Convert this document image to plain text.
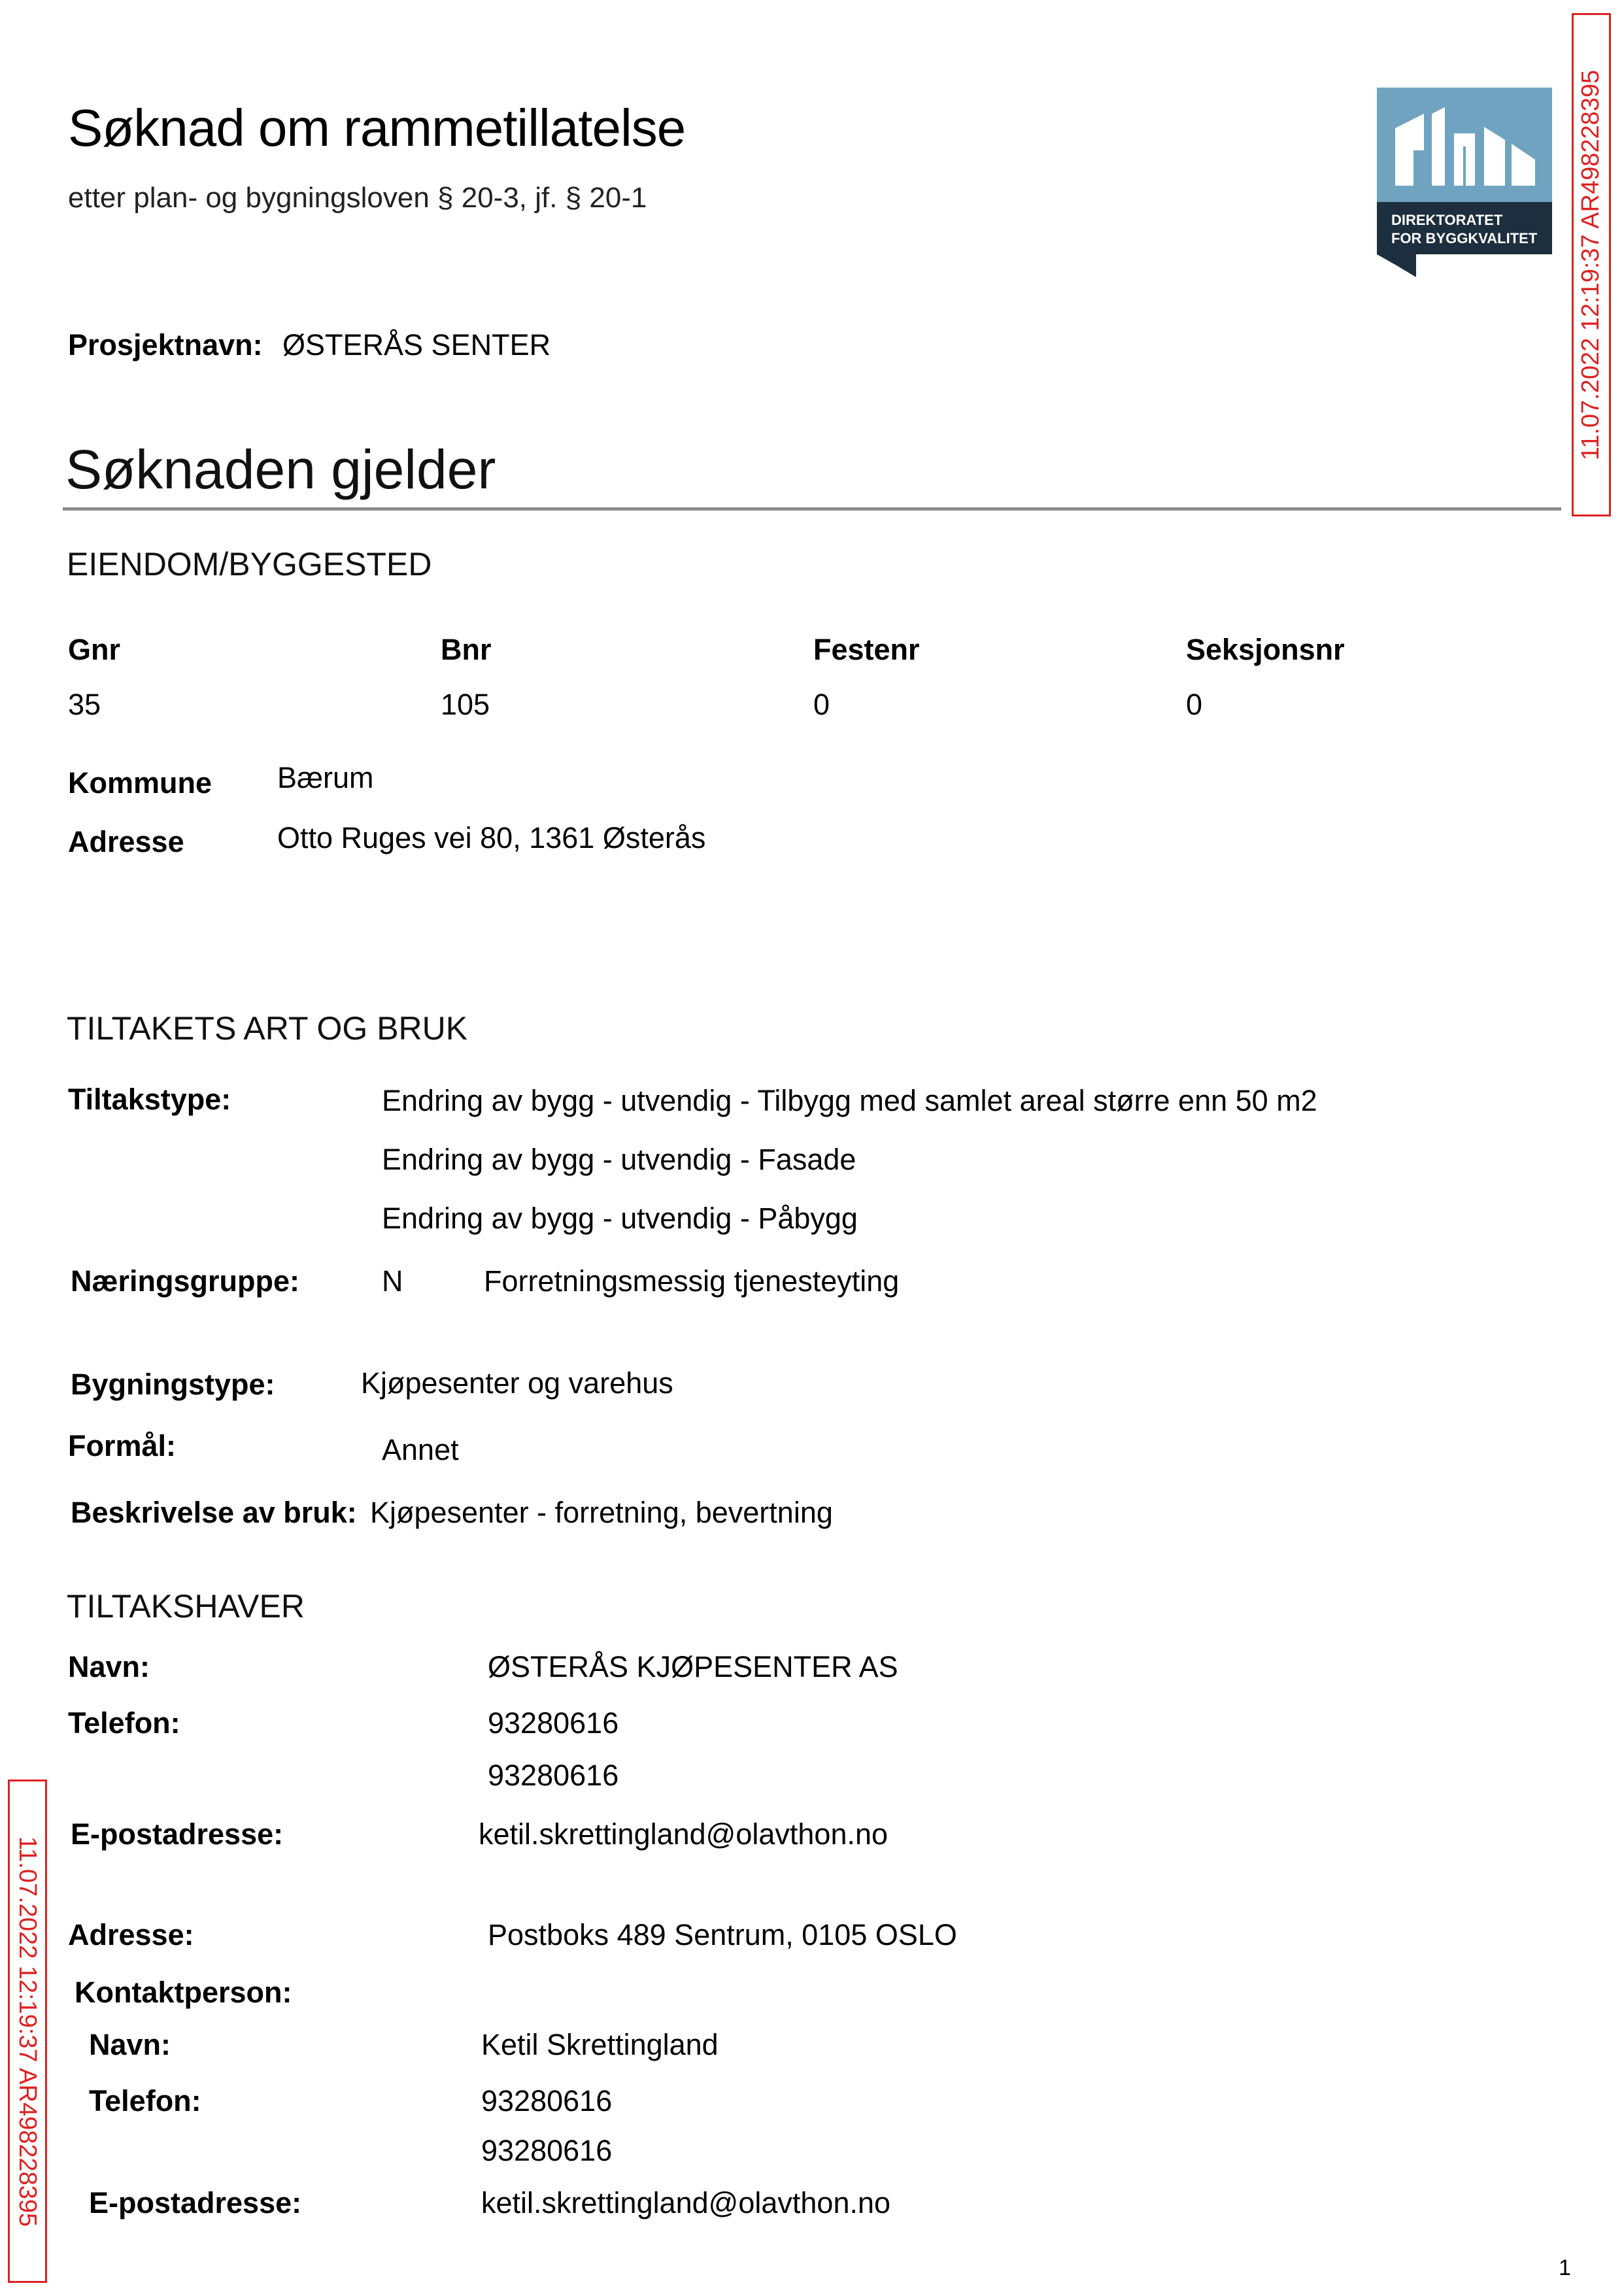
Søknad om rammetillatelse
etter plan- og bygningsloven § 20-3, jf. § 20-1
DIREKTORATET
FOR BYGGKVALITET 11.07.2022 12:19:37 AR498228395
11.07.2022 12:19:37 AR498228395
Prosjektnavn: ØSTERÅS SENTER
Søknaden gjelder
EIENDOM/BYGGESTED
Gnr
35
Bnr
105
Festenr
0
Seksjonsnr
0
Kommune Bærum
Adresse	Otto Ruges vei 80, 1361 Østerås
TILTAKETS ART OG BRUK
Tiltakstype:	Endring av bygg - utvendig - Tilbygg med samlet areal større enn 50 m2
Endring av bygg - utvendig - Fasade
Endring av bygg - utvendig - Påbygg
Næringsgruppe:	N	Forretningsmessig tjenesteyting
Bygningstype:	Kjøpesenter og varehus
Formål:	Annet
Beskrivelse av bruk: Kjøpesenter - forretning, bevertning
TILTAKSHAVER
Navn:	ØSTERÅS KJØPESENTER AS
Telefon:	93280616
93280616
E-postadresse:	ketil.skrettingland@olavthon.no
Adresse:	Postboks 489 Sentrum, 0105 OSLO
Kontaktperson:
Navn:	Ketil Skrettingland
Telefon:	93280616
93280616
E-postadresse:	ketil.skrettingland@olavthon.no
1
